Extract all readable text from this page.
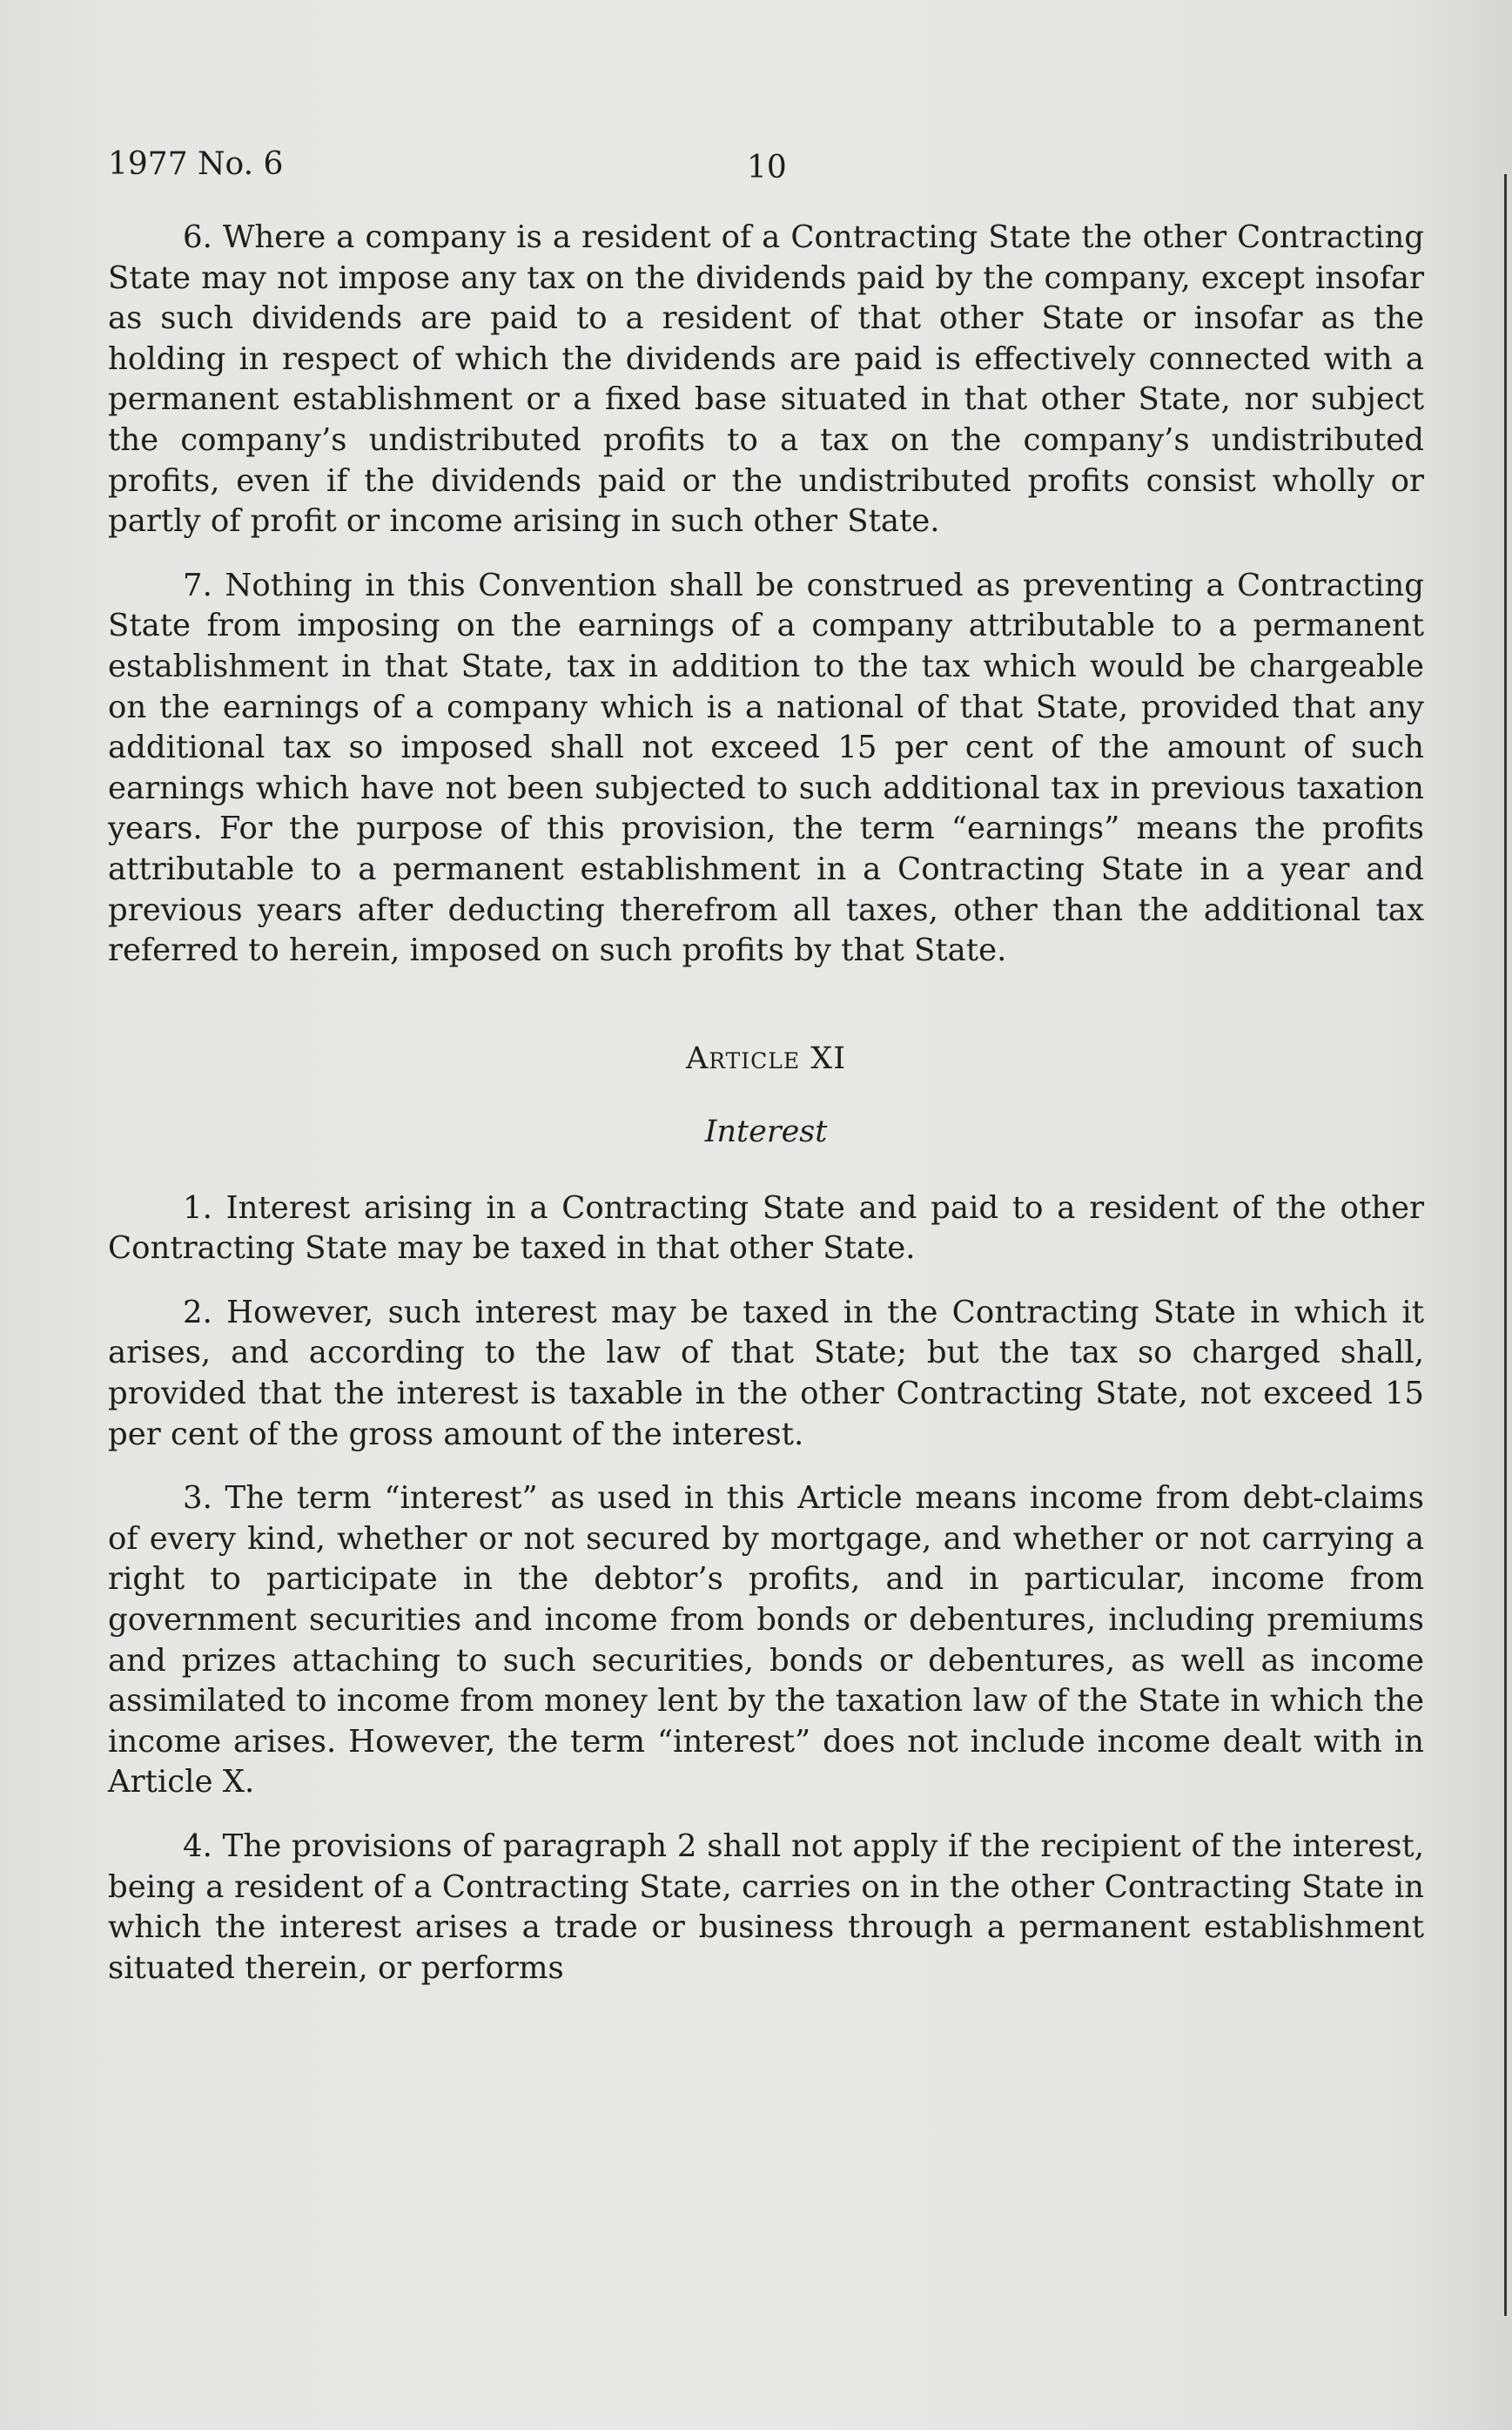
1977 No. 6	10

6. Where a company is a resident of a Contracting State the other Contracting State may not impose any tax on the dividends paid by the company, except insofar as such dividends are paid to a resident of that other State or insofar as the holding in respect of which the dividends are paid is effectively connected with a permanent establishment or a fixed base situated in that other State, nor subject the company’s undistributed profits to a tax on the company’s undistributed profits, even if the dividends paid or the undistributed profits consist wholly or partly of profit or income arising in such other State.

7. Nothing in this Convention shall be construed as preventing a Contracting State from imposing on the earnings of a company attributable to a permanent establishment in that State, tax in addition to the tax which would be chargeable on the earnings of a company which is a national of that State, provided that any additional tax so imposed shall not exceed 15 per cent of the amount of such earnings which have not been subjected to such additional tax in previous taxation years. For the purpose of this provision, the term “earnings” means the profits attributable to a permanent establishment in a Contracting State in a year and previous years after deducting therefrom all taxes, other than the additional tax referred to herein, imposed on such profits by that State.

Article XI
Interest

1. Interest arising in a Contracting State and paid to a resident of the other Contracting State may be taxed in that other State.

2. However, such interest may be taxed in the Contracting State in which it arises, and according to the law of that State; but the tax so charged shall, provided that the interest is taxable in the other Contracting State, not exceed 15 per cent of the gross amount of the interest.

3. The term “interest” as used in this Article means income from debt-claims of every kind, whether or not secured by mortgage, and whether or not carrying a right to participate in the debtor’s profits, and in particular, income from government securities and income from bonds or debentures, including premiums and prizes attaching to such securities, bonds or debentures, as well as income assimilated to income from money lent by the taxation law of the State in which the income arises. However, the term “interest” does not include income dealt with in Article X.

4. The provisions of paragraph 2 shall not apply if the recipient of the interest, being a resident of a Contracting State, carries on in the other Contracting State in which the interest arises a trade or business through a permanent establishment situated therein, or performs
